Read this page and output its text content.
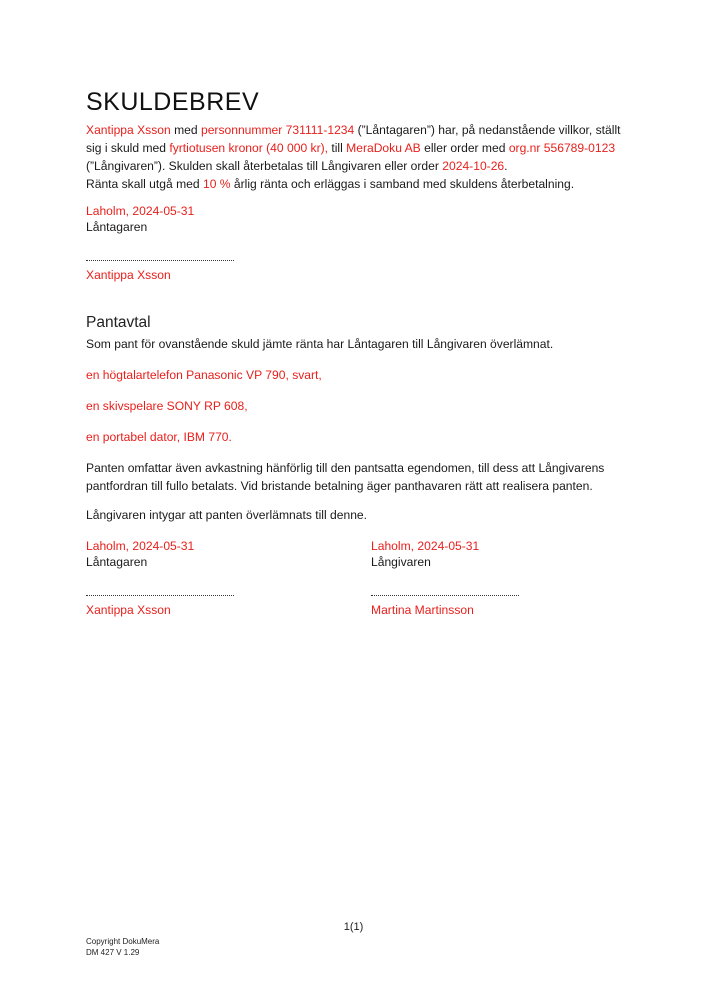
SKULDEBREV

Xantippa Xsson med personnummer 731111-1234 (”Låntagaren”) har, på nedanstående villkor, ställt sig i skuld med fyrtiotusen kronor (40 000 kr), till MeraDoku AB eller order med org.nr 556789-0123 (”Långivaren”). Skulden skall återbetalas till Långivaren eller order 2024-10-26.
Ränta skall utgå med 10 % årlig ränta och erläggas i samband med skuldens återbetalning.

Laholm, 2024-05-31
Låntagaren
Xantippa Xsson
Pantavtal
Som pant för ovanstående skuld jämte ränta har Låntagaren till Långivaren överlämnat.
en högtalartelefon Panasonic VP 790, svart,
en skivspelare SONY RP 608,
en portabel dator, IBM 770.

Panten omfattar även avkastning hänförlig till den pantsatta egendomen, till dess att Långivarens pantfordran till fullo betalats. Vid bristande betalning äger panthavaren rätt att realisera panten.

Långivaren intygar att panten överlämnats till denne.
Laholm, 2024-05-31
Låntagaren
Xantippa Xsson
Laholm, 2024-05-31
Långivaren
Martina Martinsson
1(1)
Copyright DokuMera
DM 427 V 1.29
